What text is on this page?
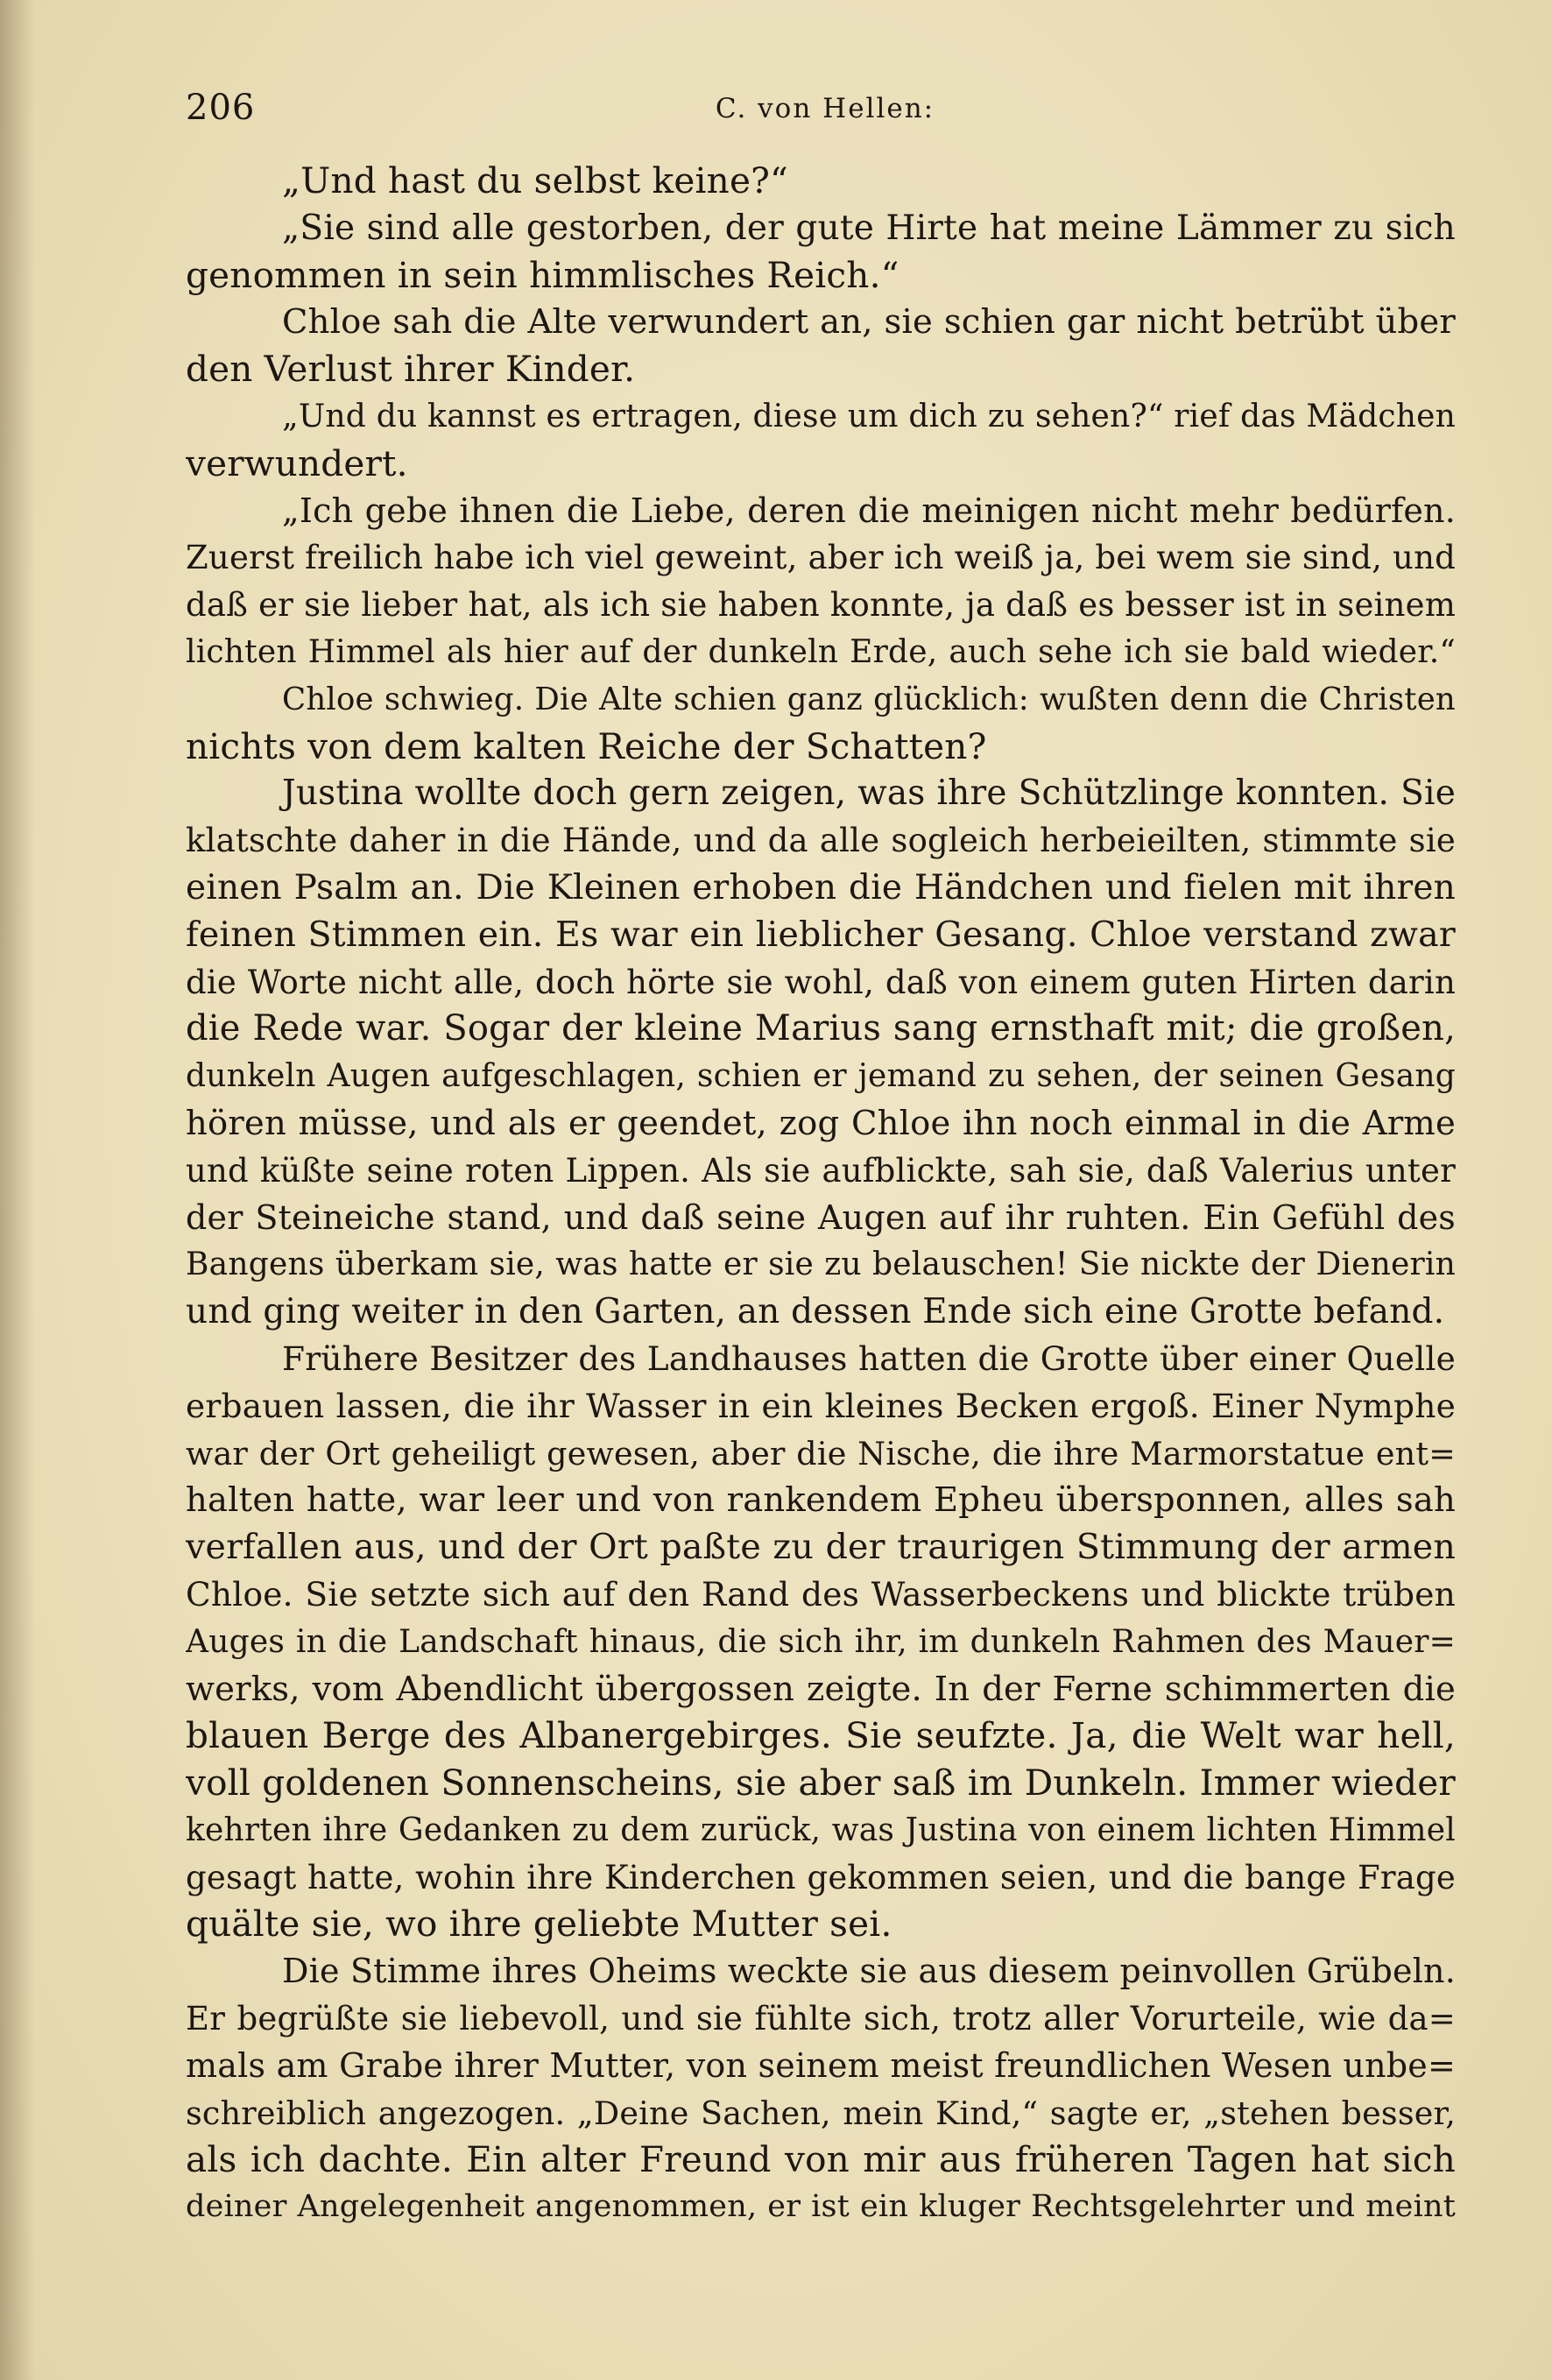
206	C. von Hellen:
„Und hast du selbst keine?“
„Sie sind alle gestorben, der gute Hirte hat meine Lämmer zu sich
genommen in sein himmlisches Reich.“
Chloe sah die Alte verwundert an, sie schien gar nicht betrübt über
den Verlust ihrer Kinder.
„Und du kannst es ertragen, diese um dich zu sehen?“ rief das Mädchen
verwundert.
„Ich gebe ihnen die Liebe, deren die meinigen nicht mehr bedürfen.
Zuerst freilich habe ich viel geweint, aber ich weiß ja, bei wem sie sind, und
daß er sie lieber hat, als ich sie haben konnte, ja daß es besser ist in seinem
lichten Himmel als hier auf der dunkeln Erde, auch sehe ich sie bald wieder.“
Chloe schwieg. Die Alte schien ganz glücklich: wußten denn die Christen
nichts von dem kalten Reiche der Schatten?
Justina wollte doch gern zeigen, was ihre Schützlinge konnten. Sie
klatschte daher in die Hände, und da alle sogleich herbeieilten, stimmte sie
einen Psalm an. Die Kleinen erhoben die Händchen und fielen mit ihren
feinen Stimmen ein. Es war ein lieblicher Gesang. Chloe verstand zwar
die Worte nicht alle, doch hörte sie wohl, daß von einem guten Hirten darin
die Rede war. Sogar der kleine Marius sang ernsthaft mit; die großen,
dunkeln Augen aufgeschlagen, schien er jemand zu sehen, der seinen Gesang
hören müsse, und als er geendet, zog Chloe ihn noch einmal in die Arme
und küßte seine roten Lippen. Als sie aufblickte, sah sie, daß Valerius unter
der Steineiche stand, und daß seine Augen auf ihr ruhten. Ein Gefühl des
Bangens überkam sie, was hatte er sie zu belauschen! Sie nickte der Dienerin
und ging weiter in den Garten, an dessen Ende sich eine Grotte befand.
Frühere Besitzer des Landhauses hatten die Grotte über einer Quelle
erbauen lassen, die ihr Wasser in ein kleines Becken ergoß. Einer Nymphe
war der Ort geheiligt gewesen, aber die Nische, die ihre Marmorstatue ent=
halten hatte, war leer und von rankendem Epheu übersponnen, alles sah
verfallen aus, und der Ort paßte zu der traurigen Stimmung der armen
Chloe. Sie setzte sich auf den Rand des Wasserbeckens und blickte trüben
Auges in die Landschaft hinaus, die sich ihr, im dunkeln Rahmen des Mauer=
werks, vom Abendlicht übergossen zeigte. In der Ferne schimmerten die
blauen Berge des Albanergebirges. Sie seufzte. Ja, die Welt war hell,
voll goldenen Sonnenscheins, sie aber saß im Dunkeln. Immer wieder
kehrten ihre Gedanken zu dem zurück, was Justina von einem lichten Himmel
gesagt hatte, wohin ihre Kinderchen gekommen seien, und die bange Frage
quälte sie, wo ihre geliebte Mutter sei.
Die Stimme ihres Oheims weckte sie aus diesem peinvollen Grübeln.
Er begrüßte sie liebevoll, und sie fühlte sich, trotz aller Vorurteile, wie da=
mals am Grabe ihrer Mutter, von seinem meist freundlichen Wesen unbe=
schreiblich angezogen. „Deine Sachen, mein Kind,“ sagte er, „stehen besser,
als ich dachte. Ein alter Freund von mir aus früheren Tagen hat sich
deiner Angelegenheit angenommen, er ist ein kluger Rechtsgelehrter und meint
